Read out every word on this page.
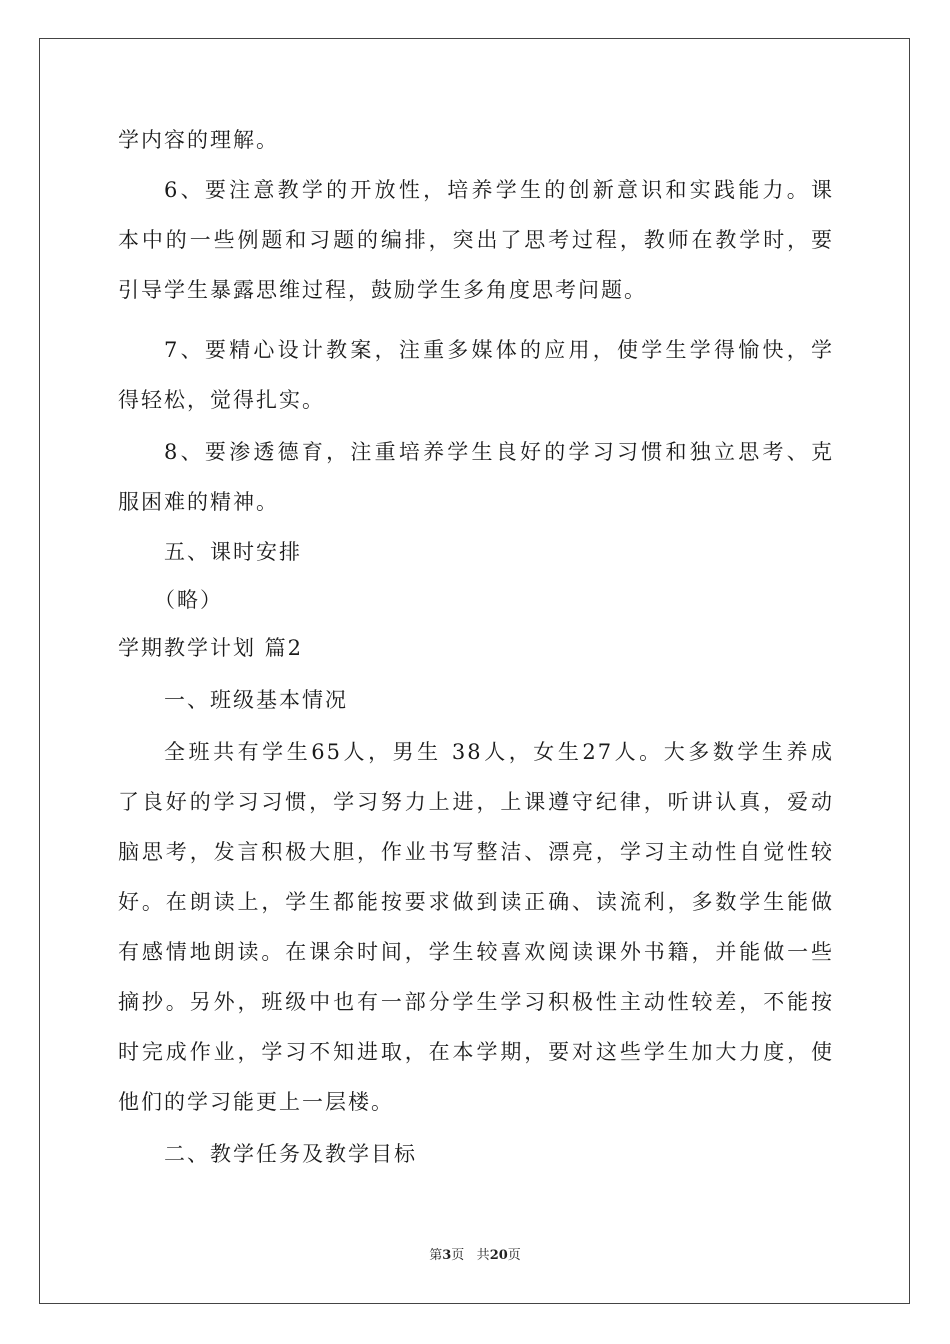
学内容的理解。
6、要注意教学的开放性，培养学生的创新意识和实践能力。课
本中的一些例题和习题的编排，突出了思考过程，教师在教学时，要
引导学生暴露思维过程，鼓励学生多角度思考问题。
7、要精心设计教案，注重多媒体的应用，使学生学得愉快，学
得轻松，觉得扎实。
8、要渗透德育，注重培养学生良好的学习习惯和独立思考、克
服困难的精神。
五、课时安排
（略）
学期教学计划 篇2
一、班级基本情况
全班共有学生65人，男生 38人，女生27人。大多数学生养成
了良好的学习习惯，学习努力上进，上课遵守纪律，听讲认真，爱动
脑思考，发言积极大胆，作业书写整洁、漂亮，学习主动性自觉性较
好。在朗读上，学生都能按要求做到读正确、读流利，多数学生能做
有感情地朗读。在课余时间，学生较喜欢阅读课外书籍，并能做一些
摘抄。另外，班级中也有一部分学生学习积极性主动性较差，不能按
时完成作业，学习不知进取，在本学期，要对这些学生加大力度，使
他们的学习能更上一层楼。
二、教学任务及教学目标
第3页 共20页
